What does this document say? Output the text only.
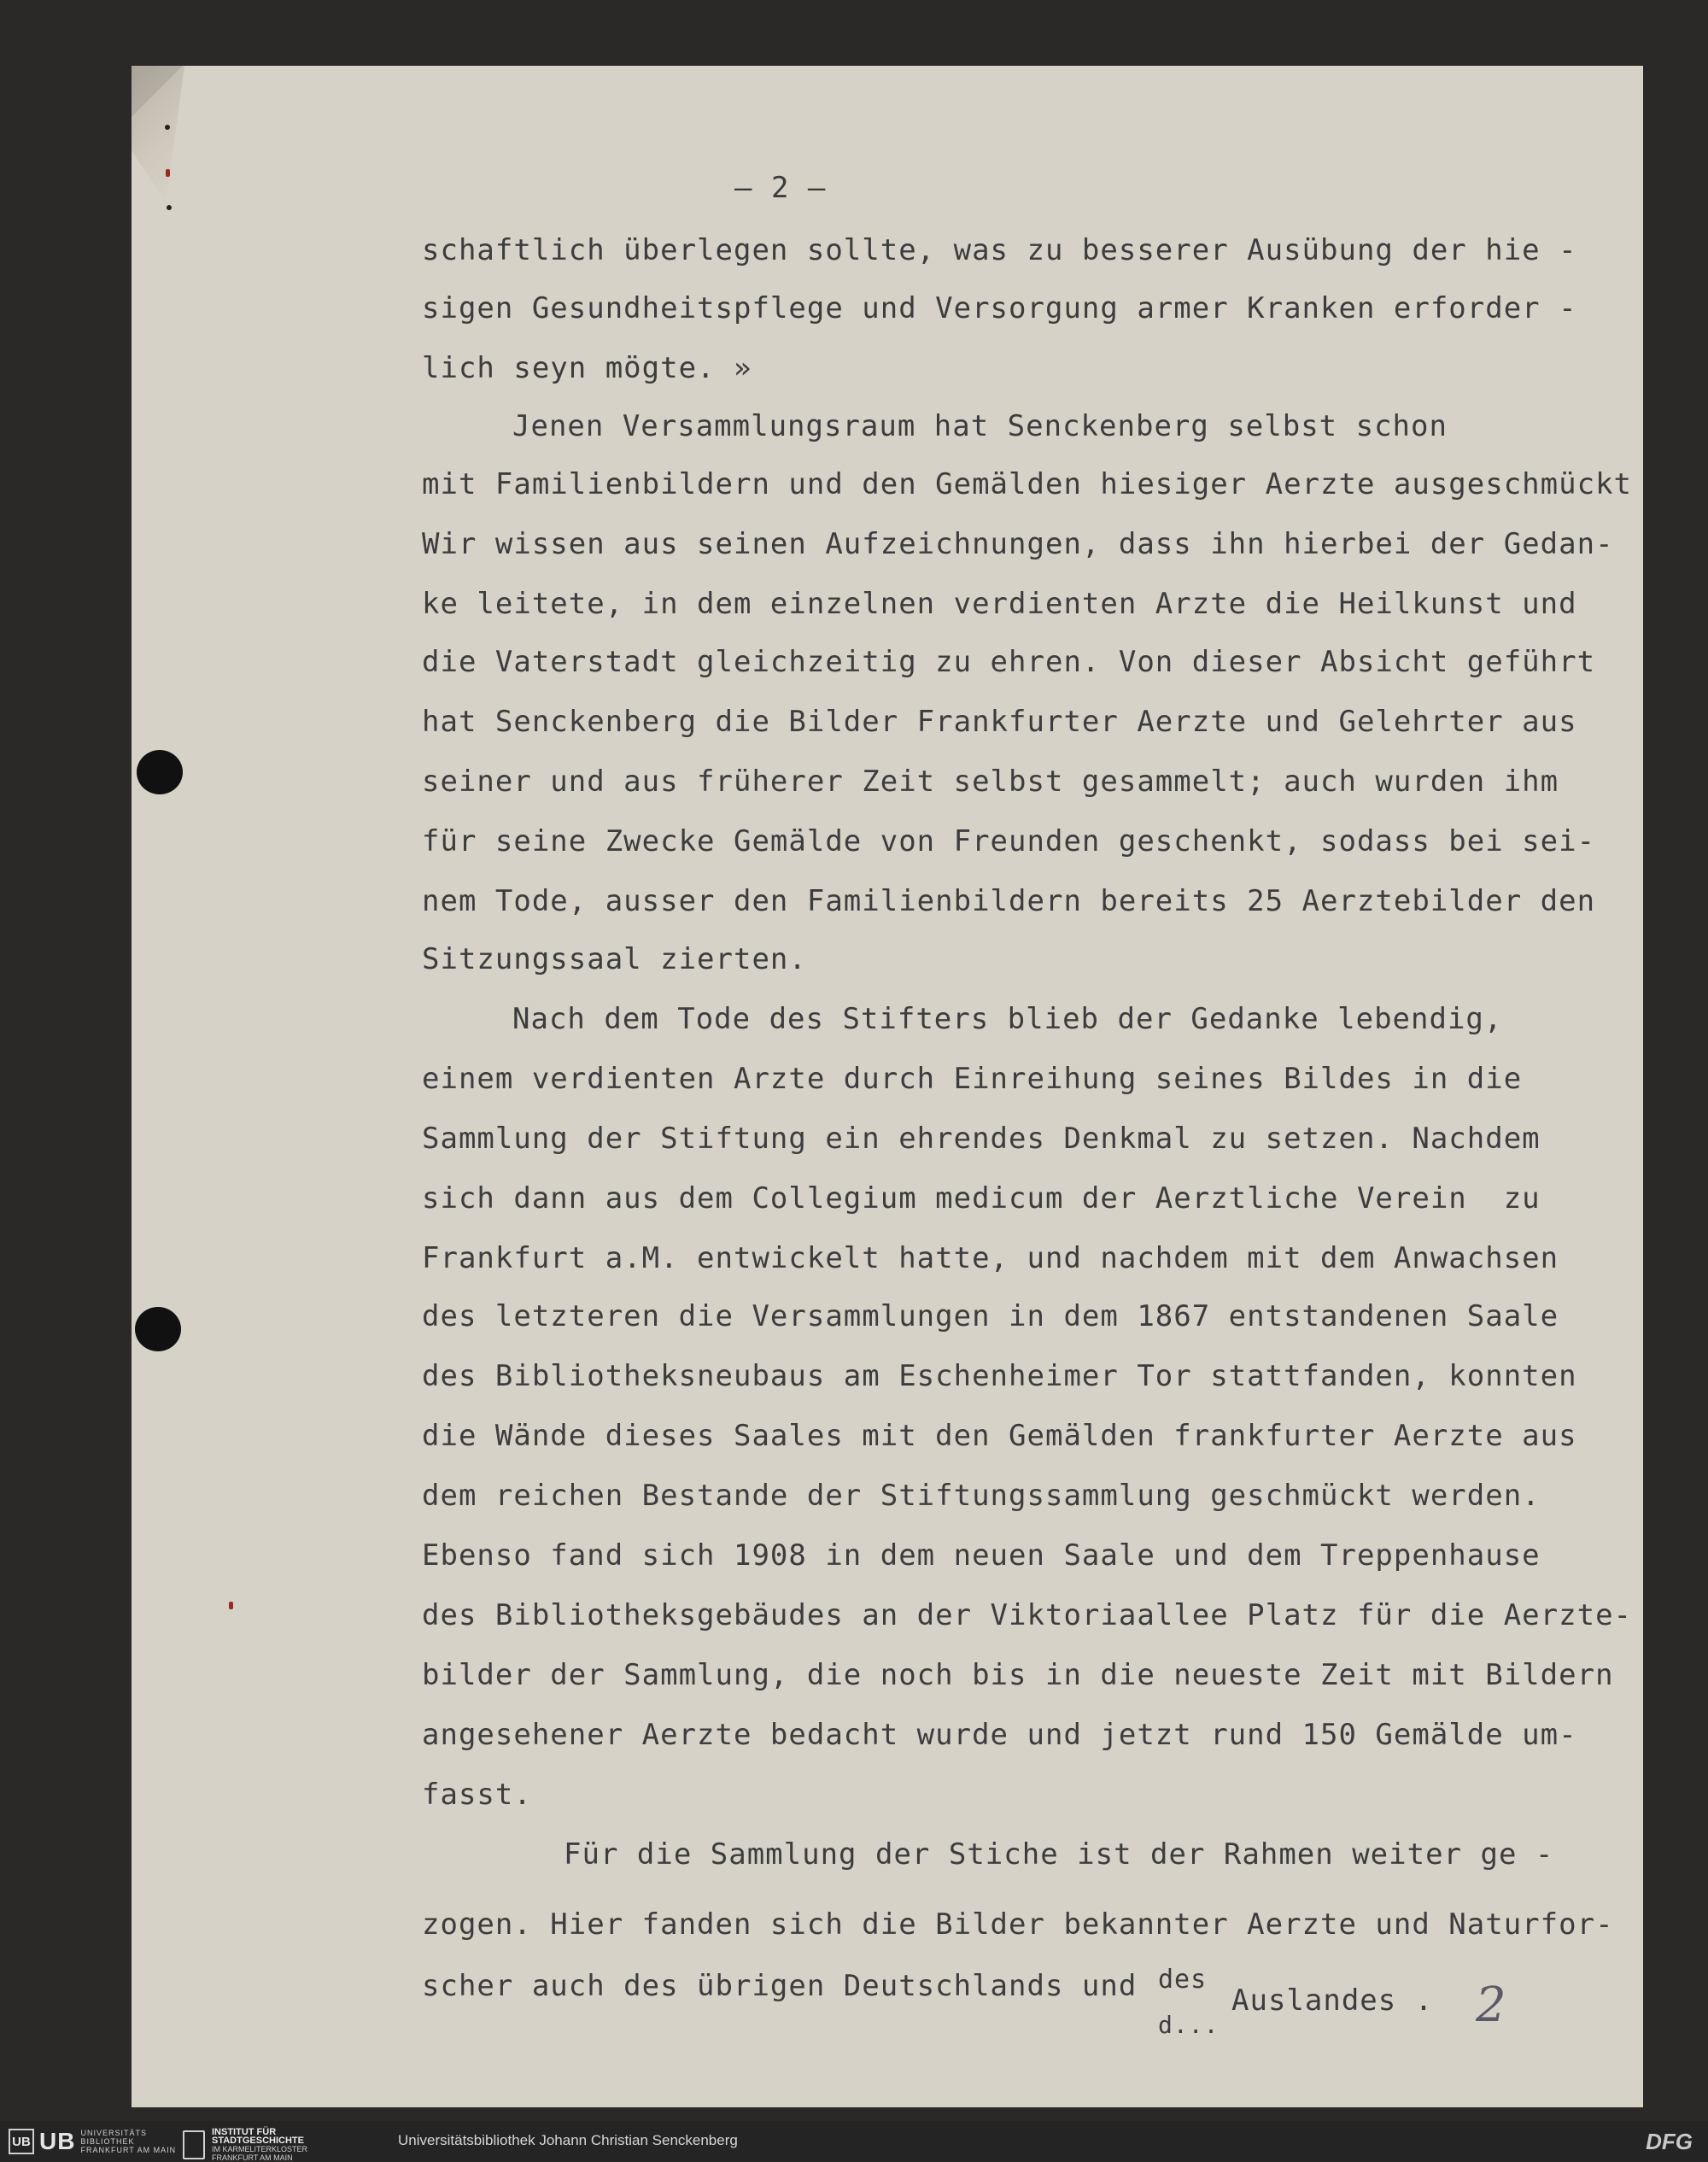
— 2 —
schaftlich überlegen sollte, was zu besserer Ausübung der hie -
sigen Gesundheitspflege und Versorgung armer Kranken erforder -
lich seyn mögte. »
Jenen Versammlungsraum hat Senckenberg selbst schon
mit Familienbildern und den Gemälden hiesiger Aerzte ausgeschmückt
Wir wissen aus seinen Aufzeichnungen, dass ihn hierbei der Gedan-
ke leitete, in dem einzelnen verdienten Arzte die Heilkunst und
die Vaterstadt gleichzeitig zu ehren. Von dieser Absicht geführt
hat Senckenberg die Bilder Frankfurter Aerzte und Gelehrter aus
seiner und aus früherer Zeit selbst gesammelt; auch wurden ihm
für seine Zwecke Gemälde von Freunden geschenkt, sodass bei sei-
nem Tode, ausser den Familienbildern bereits 25 Aerztebilder den
Sitzungssaal zierten.
Nach dem Tode des Stifters blieb der Gedanke lebendig,
einem verdienten Arzte durch Einreihung seines Bildes in die
Sammlung der Stiftung ein ehrendes Denkmal zu setzen. Nachdem
sich dann aus dem Collegium medicum der Aerztliche Verein  zu
Frankfurt a.M. entwickelt hatte, und nachdem mit dem Anwachsen
des letzteren die Versammlungen in dem 1867 entstandenen Saale
des Bibliotheksneubaus am Eschenheimer Tor stattfanden, konnten
die Wände dieses Saales mit den Gemälden frankfurter Aerzte aus
dem reichen Bestande der Stiftungssammlung geschmückt werden.
Ebenso fand sich 1908 in dem neuen Saale und dem Treppenhause
des Bibliotheksgebäudes an der Viktoriaallee Platz für die Aerzte-
bilder der Sammlung, die noch bis in die neueste Zeit mit Bildern
angesehener Aerzte bedacht wurde und jetzt rund 150 Gemälde um-
fasst.
Für die Sammlung der Stiche ist der Rahmen weiter ge -
zogen. Hier fanden sich die Bilder bekannter Aerzte und Naturfor-
scher auch des übrigen Deutschlands und des
Auslandes .
d...	2
UB UB UNIVERSITÄTS
BIBLIOTHEK
FRANKFURT AM MAIN
INSTITUT FÜR
STADTGESCHICHTE
IM KARMELITERKLOSTER
FRANKFURT AM MAIN
Universitätsbibliothek Johann Christian Senckenberg	DFG
